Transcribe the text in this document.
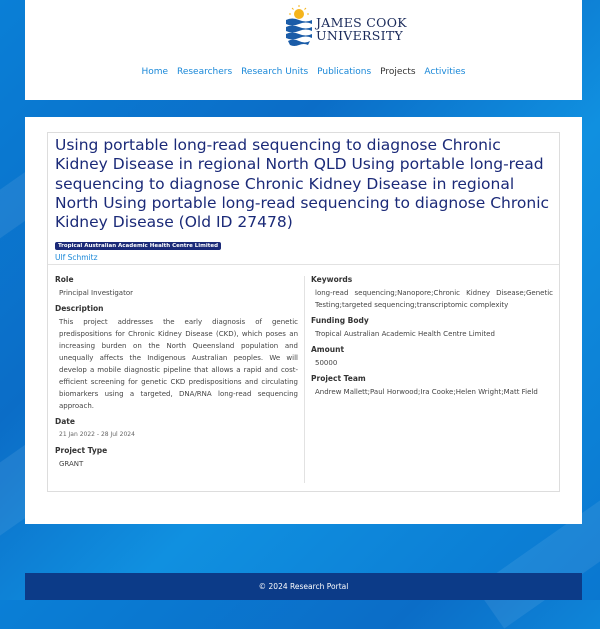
JAMES COOK
UNIVERSITY
Home Researchers Research Units Publications Projects Activities
Using portable long-read sequencing to diagnose Chronic Kidney Disease in regional North QLD Using portable long-read sequencing to diagnose Chronic Kidney Disease in regional North Using portable long-read sequencing to diagnose Chronic Kidney Disease (Old ID 27478)
Tropical Australian Academic Health Centre Limited
Ulf Schmitz
Role
Principal Investigator
Description
This project addresses the early diagnosis of genetic predispositions for Chronic Kidney Disease (CKD), which poses an increasing burden on the North Queensland population and unequally affects the Indigenous Australian peoples. We will develop a mobile diagnostic pipeline that allows a rapid and cost-efficient screening for genetic CKD predispositions and circulating biomarkers using a targeted, DNA/RNA long-read sequencing approach.
Date
21 Jan 2022 - 28 Jul 2024
Project Type
GRANT
Keywords
long-read sequencing;Nanopore;Chronic Kidney Disease;Genetic Testing;targeted sequencing;transcriptomic complexity
Funding Body
Tropical Australian Academic Health Centre Limited
Amount
50000
Project Team
Andrew Mallett;Paul Horwood;Ira Cooke;Helen Wright;Matt Field
© 2024 Research Portal
